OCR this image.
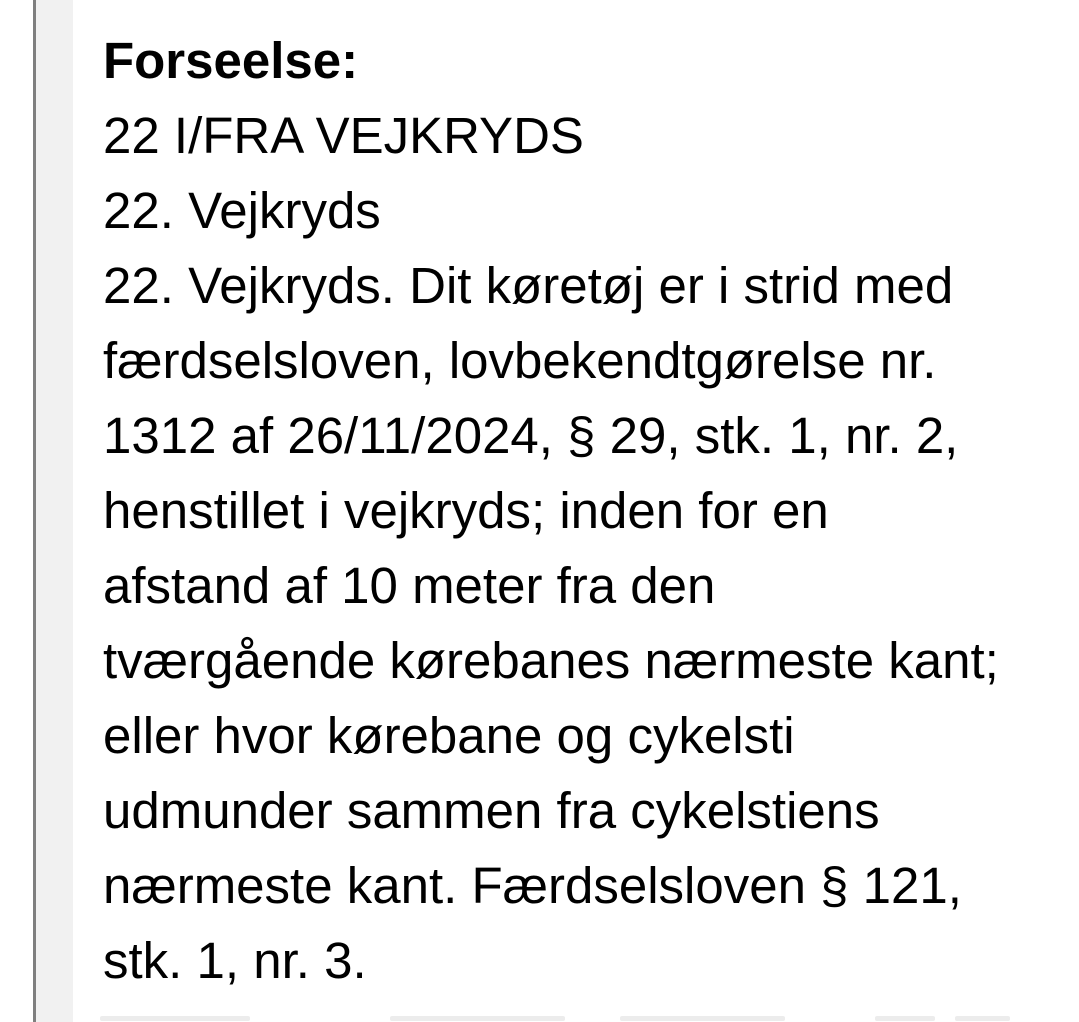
Forseelse:
22 I/FRA VEJKRYDS
22. Vejkryds
22. Vejkryds. Dit køretøj er i strid med
færdselsloven, lovbekendtgørelse nr.
1312 af 26/11/2024, § 29, stk. 1, nr. 2,
henstillet i vejkryds; inden for en
afstand af 10 meter fra den
tværgående kørebanes nærmeste kant;
eller hvor kørebane og cykelsti
udmunder sammen fra cykelstiens
nærmeste kant. Færdselsloven § 121,
stk. 1, nr. 3.
